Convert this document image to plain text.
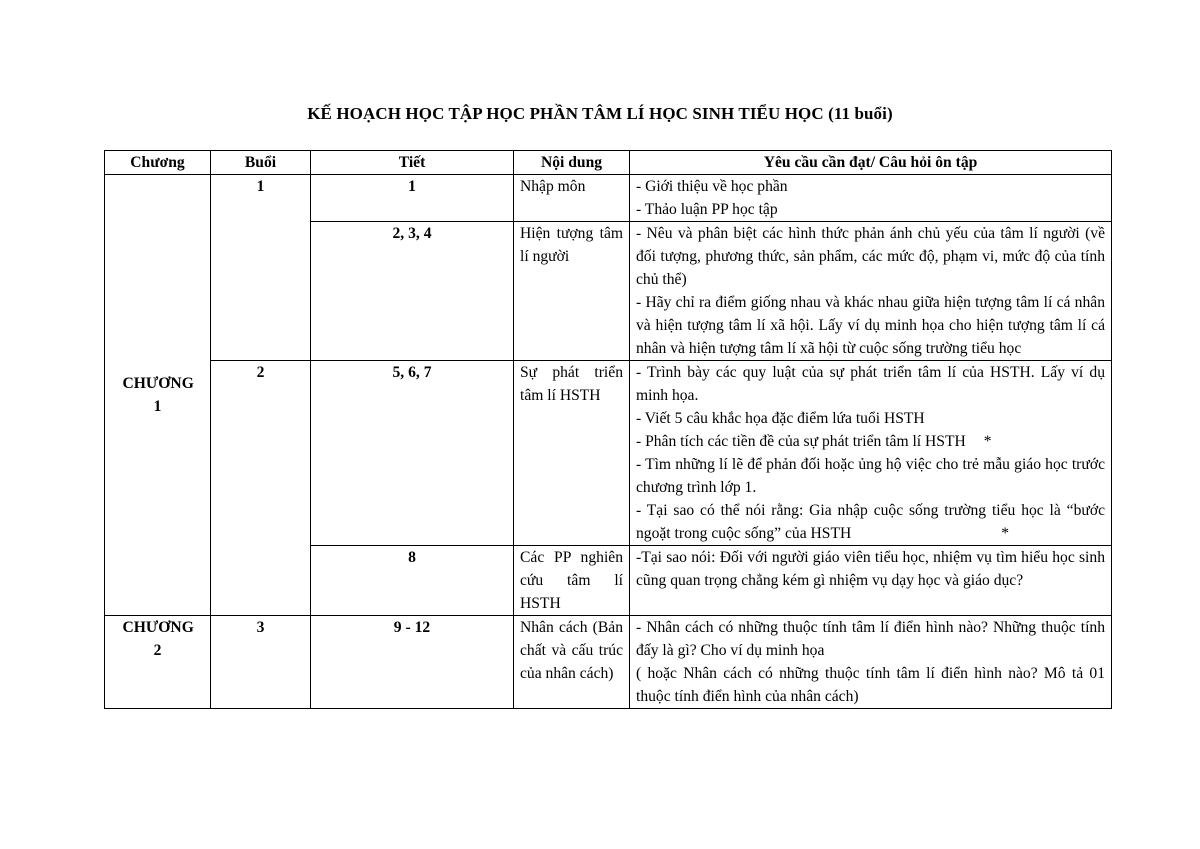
KẾ HOẠCH HỌC TẬP HỌC PHẦN TÂM LÍ HỌC SINH TIỂU HỌC (11 buổi)
Chương	Buổi	Tiết	Nội dung	Yêu cầu cần đạt/ Câu hỏi ôn tập
CHƯƠNG 1	1	1	Nhập môn	- Giới thiệu về học phần
- Thảo luận PP học tập

		2, 3, 4	Hiện tượng tâm lí người	- Nêu và phân biệt các hình thức phản ánh chủ yếu của tâm lí người (về đối tượng, phương thức, sản phẩm, các mức độ, phạm vi, mức độ của tính chủ thể)
- Hãy chỉ ra điểm giống nhau và khác nhau giữa hiện tượng tâm lí cá nhân và hiện tượng tâm lí xã hội. Lấy ví dụ minh họa cho hiện tượng tâm lí cá nhân và hiện tượng tâm lí xã hội từ cuộc sống trường tiểu học

	2	5, 6, 7	Sự phát triển tâm lí HSTH	- Trình bày các quy luật của sự phát triển tâm lí của HSTH. Lấy ví dụ minh họa.
- Viết 5 câu khắc họa đặc điểm lứa tuổi HSTH
- Phân tích các tiền đề của sự phát triển tâm lí HSTH *
- Tìm những lí lẽ để phản đối hoặc ủng hộ việc cho trẻ mẫu giáo học trước chương trình lớp 1.
- Tại sao có thể nói rằng: Gia nhập cuộc sống trường tiểu học là “bước ngoặt trong cuộc sống” của HSTH *

		8	Các PP nghiên cứu tâm lí HSTH	-Tại sao nói: Đối với người giáo viên tiểu học, nhiệm vụ tìm hiểu học sinh cũng quan trọng chẳng kém gì nhiệm vụ dạy học và giáo dục?

CHƯƠNG 2	3	9 - 12	Nhân cách (Bản chất và cấu trúc của nhân cách)	- Nhân cách có những thuộc tính tâm lí điển hình nào? Những thuộc tính đấy là gì? Cho ví dụ minh họa
( hoặc Nhân cách có những thuộc tính tâm lí điển hình nào? Mô tả 01 thuộc tính điển hình của nhân cách)
